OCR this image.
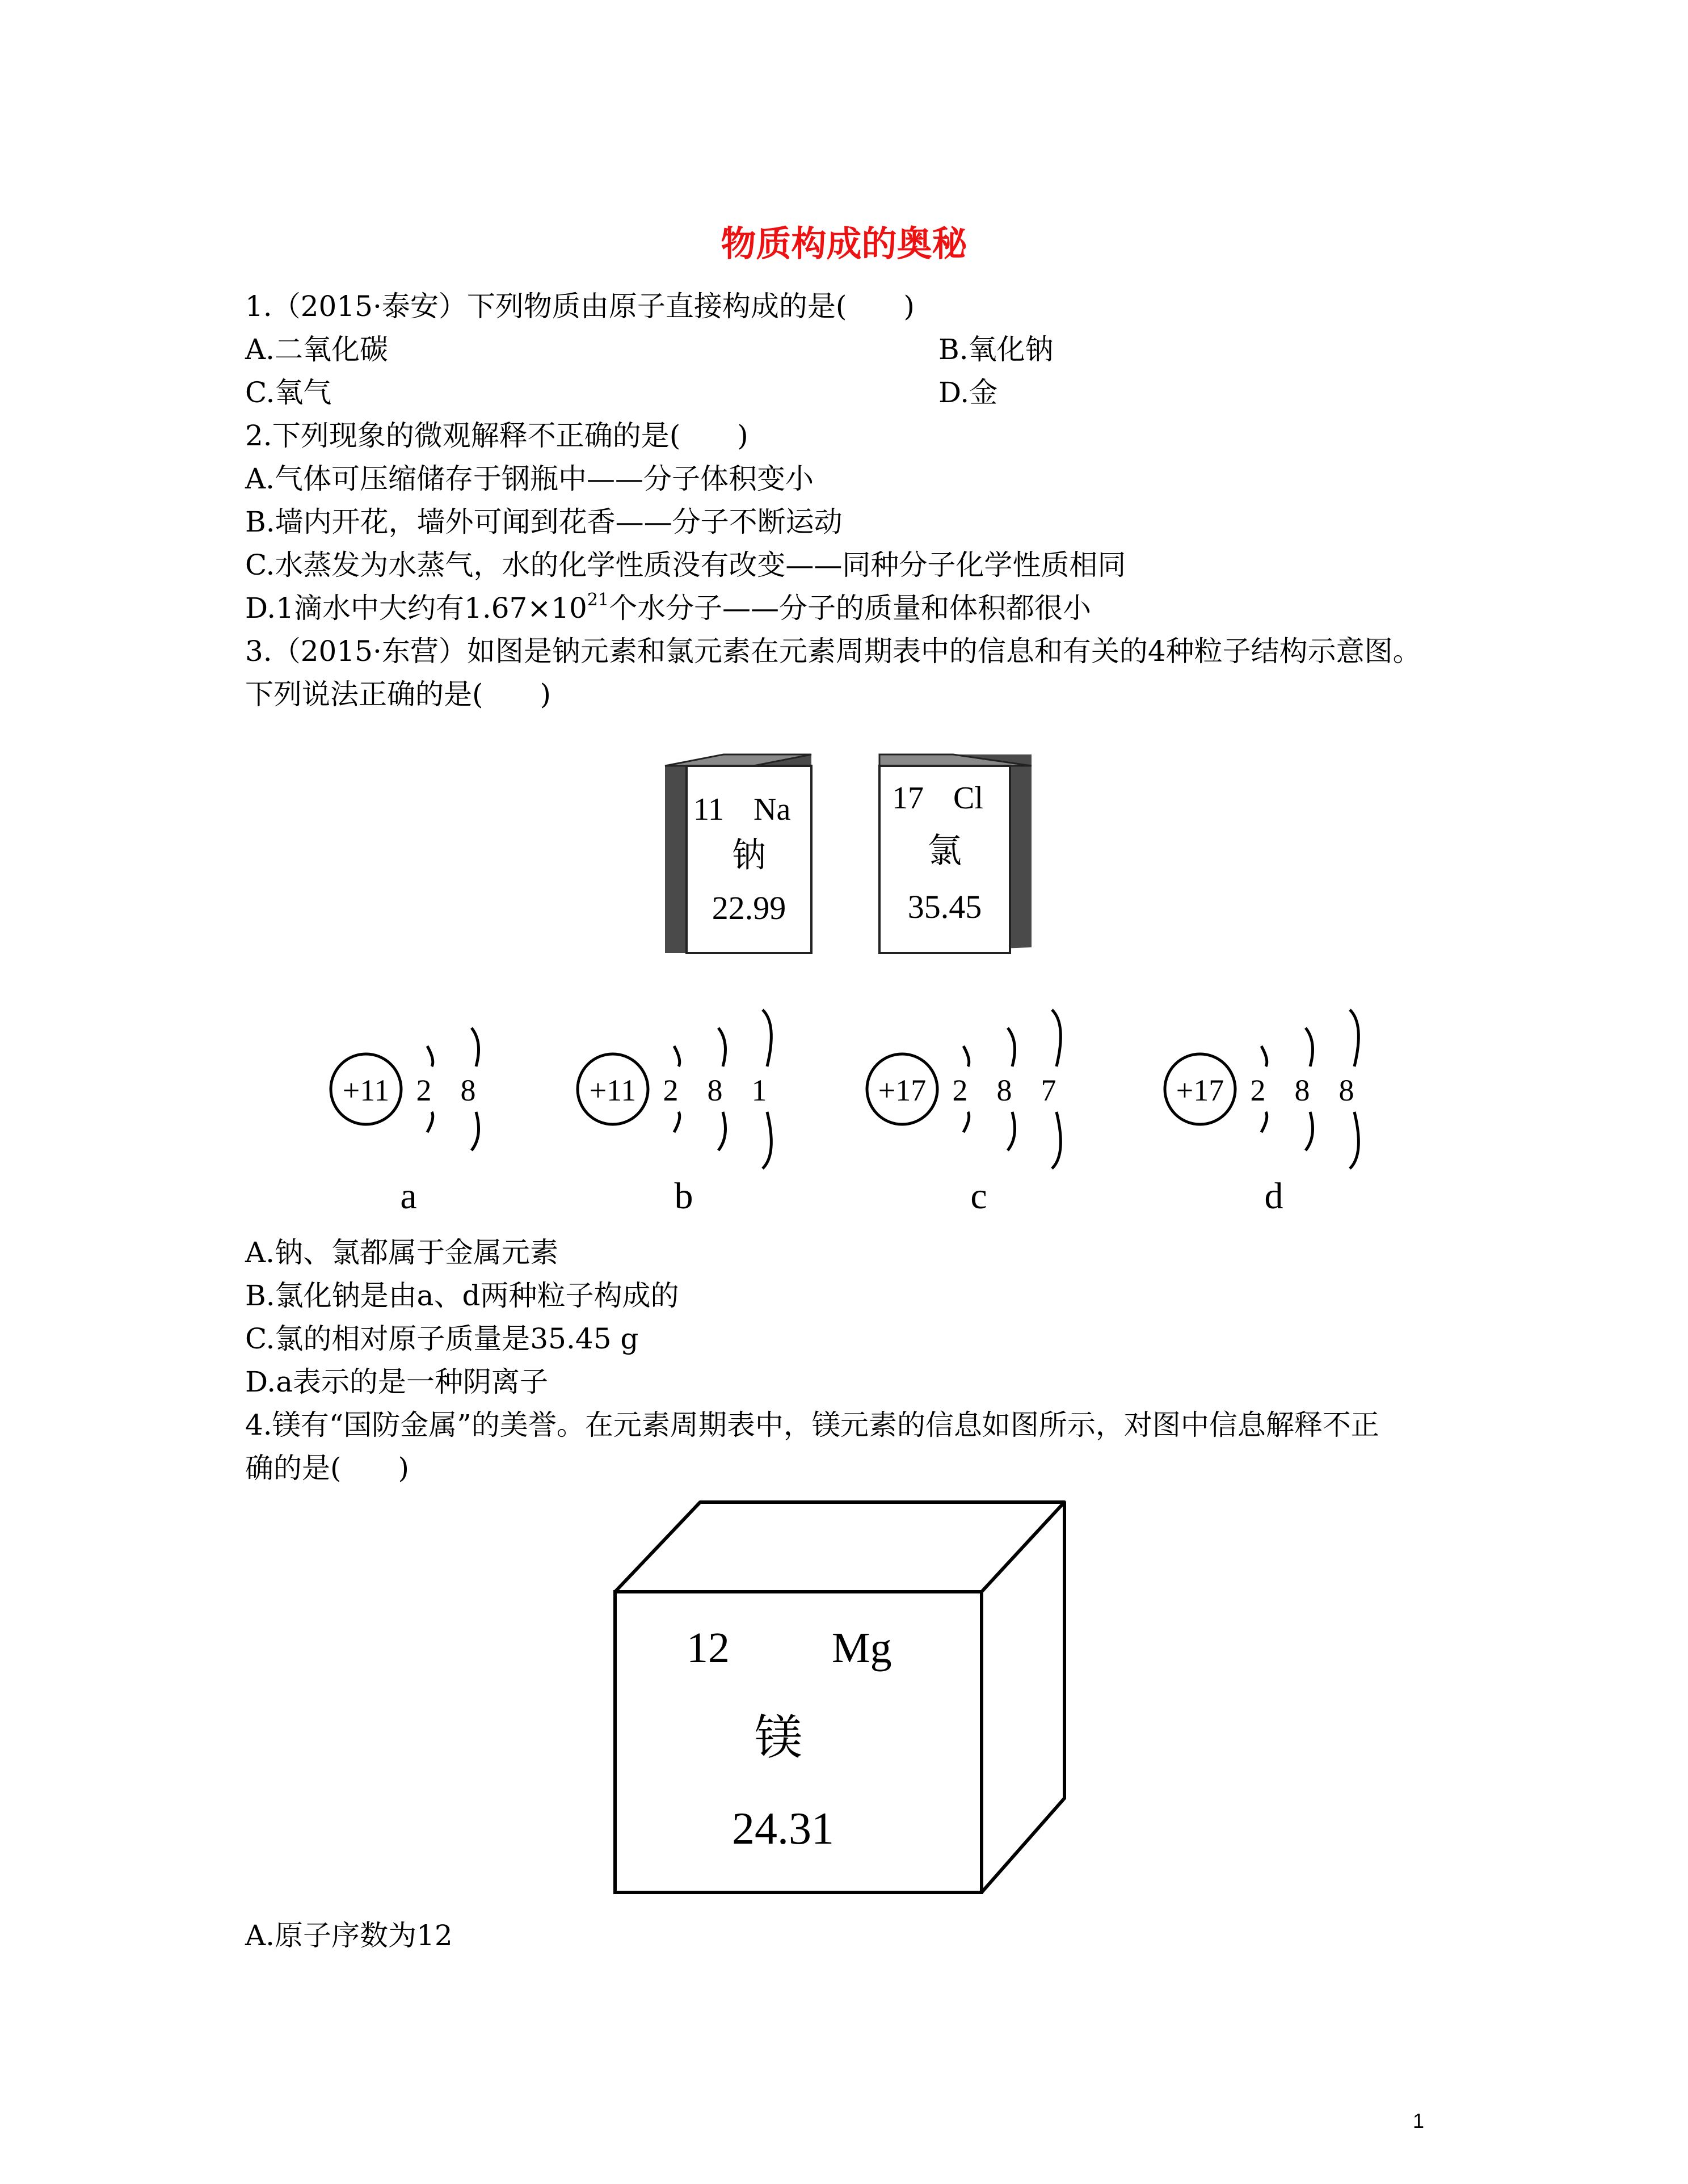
物质构成的奥秘
1.（2015·泰安）下列物质由原子直接构成的是(　　)
A.二氧化碳	B.氧化钠
C.氧气	D.金
2.下列现象的微观解释不正确的是(　　)
A.气体可压缩储存于钢瓶中——分子体积变小
B.墙内开花，墙外可闻到花香——分子不断运动
C.水蒸发为水蒸气，水的化学性质没有改变——同种分子化学性质相同
D.1滴水中大约有$1.67\times 10^{21}$个水分子——分子的质量和体积都很小
3.（2015·东营）如图是钠元素和氯元素在元素周期表中的信息和有关的4种粒子结构示意图。
下列说法正确的是(　　)
11 Na
钠
22.99
17 Cl
氯
35.45
+11 2 8
a
+11 2 8 1
b
+17 2 8 7
c
+17 2 8 8
d
A.钠、氯都属于金属元素
B.氯化钠是由a、d两种粒子构成的
C.氯的相对原子质量是35.45 g
D.a表示的是一种阴离子
4.镁有“国防金属”的美誉。在元素周期表中，镁元素的信息如图所示，对图中信息解释不正
确的是(　　)
12 Mg
镁
24.31
A.原子序数为12
1
